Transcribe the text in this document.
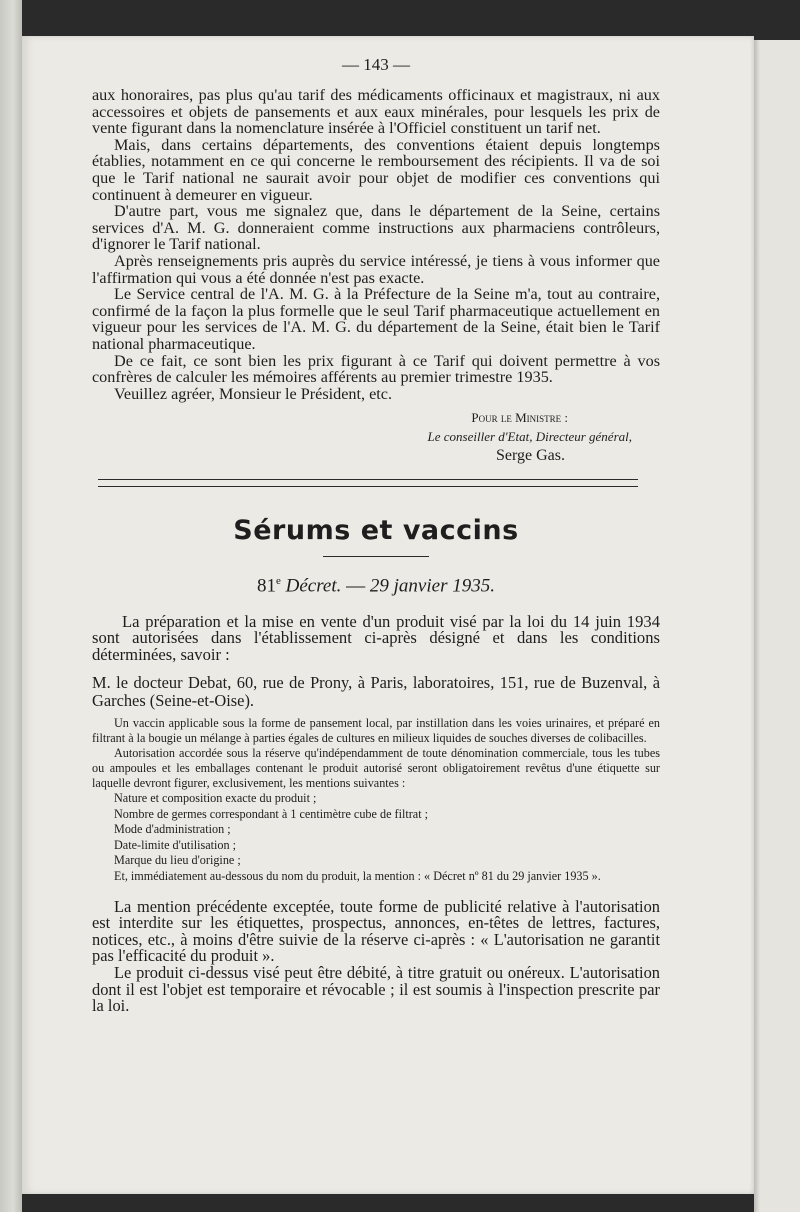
— 143 —

aux honoraires, pas plus qu'au tarif des médicaments officinaux et magistraux, ni aux accessoires et objets de pansements et aux eaux minérales, pour lesquels les prix de vente figurant dans la nomenclature insérée à l'Officiel constituent un tarif net.

Mais, dans certains départements, des conventions étaient depuis longtemps établies, notamment en ce qui concerne le remboursement des récipients. Il va de soi que le Tarif national ne saurait avoir pour objet de modifier ces conventions qui continuent à demeurer en vigueur.

D'autre part, vous me signalez que, dans le département de la Seine, certains services d'A. M. G. donneraient comme instructions aux pharmaciens contrôleurs, d'ignorer le Tarif national.

Après renseignements pris auprès du service intéressé, je tiens à vous informer que l'affirmation qui vous a été donnée n'est pas exacte.

Le Service central de l'A. M. G. à la Préfecture de la Seine m'a, tout au contraire, confirmé de la façon la plus formelle que le seul Tarif pharmaceutique actuellement en vigueur pour les services de l'A. M. G. du département de la Seine, était bien le Tarif national pharmaceutique.

De ce fait, ce sont bien les prix figurant à ce Tarif qui doivent permettre à vos confrères de calculer les mémoires afférents au premier trimestre 1935.

Veuillez agréer, Monsieur le Président, etc.

Pour le Ministre :
Le conseiller d'Etat, Directeur général,
Serge Gas.
Sérums et vaccins
81e Décret. — 29 janvier 1935.

La préparation et la mise en vente d'un produit visé par la loi du 14 juin 1934 sont autorisées dans l'établissement ci-après désigné et dans les conditions déterminées, savoir :

M. le docteur Debat, 60, rue de Prony, à Paris, laboratoires, 151, rue de Buzenval, à Garches (Seine-et-Oise).

Un vaccin applicable sous la forme de pansement local, par instillation dans les voies urinaires, et préparé en filtrant à la bougie un mélange à parties égales de cultures en milieux liquides de souches diverses de colibacilles.

Autorisation accordée sous la réserve qu'indépendamment de toute dénomination commerciale, tous les tubes ou ampoules et les emballages contenant le produit autorisé seront obligatoirement revêtus d'une étiquette sur laquelle devront figurer, exclusivement, les mentions suivantes :

Nature et composition exacte du produit ;
Nombre de germes correspondant à 1 centimètre cube de filtrat ;
Mode d'administration ;
Date-limite d'utilisation ;
Marque du lieu d'origine ;
Et, immédiatement au-dessous du nom du produit, la mention : « Décret nº 81 du 29 janvier 1935 ».

La mention précédente exceptée, toute forme de publicité relative à l'autorisation est interdite sur les étiquettes, prospectus, annonces, en-têtes de lettres, factures, notices, etc., à moins d'être suivie de la réserve ci-après : « L'autorisation ne garantit pas l'efficacité du produit ».

Le produit ci-dessus visé peut être débité, à titre gratuit ou onéreux. L'autorisation dont il est l'objet est temporaire et révocable ; il est soumis à l'inspection prescrite par la loi.
